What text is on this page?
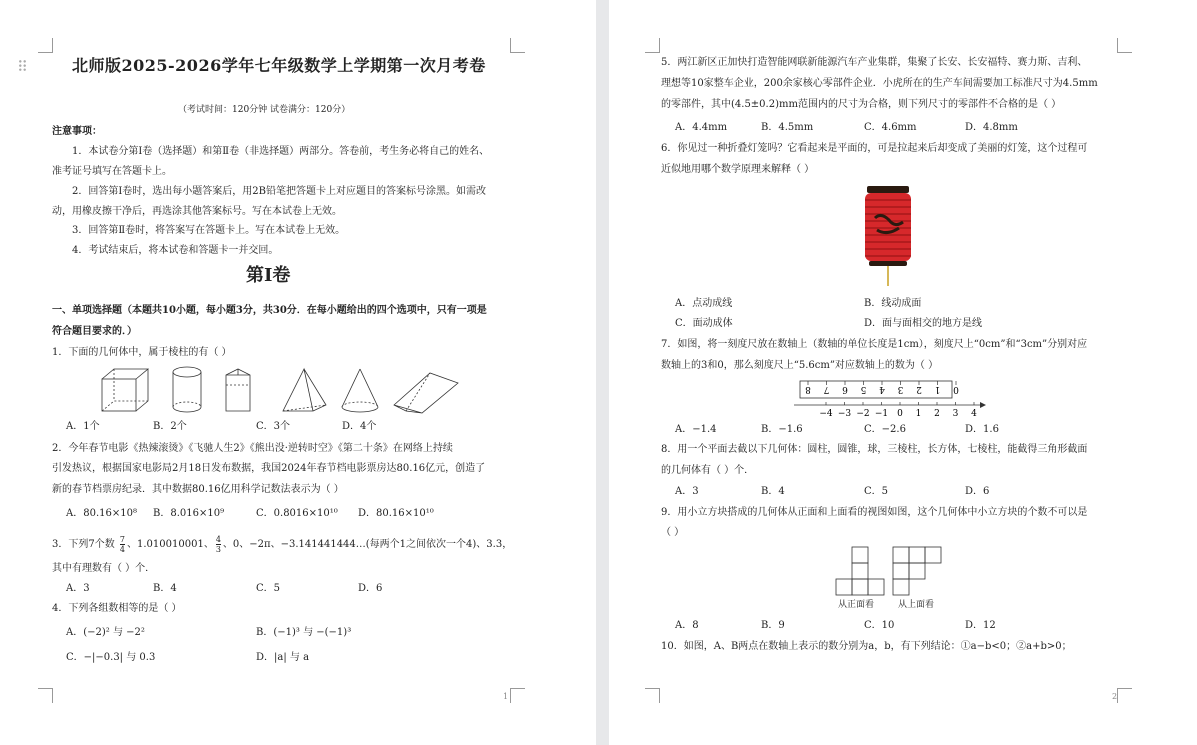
⠿	北师版2025-2026学年七年级数学上学期第一次月考卷
（考试时间：120分钟 试卷满分：120分）
注意事项：
1．本试卷分第Ⅰ卷（选择题）和第Ⅱ卷（非选择题）两部分。答卷前，考生务必将自己的姓名、
准考证号填写在答题卡上。
2．回答第Ⅰ卷时，选出每小题答案后，用2B铅笔把答题卡上对应题目的答案标号涂黑。如需改
动，用橡皮擦干净后，再选涂其他答案标号。写在本试卷上无效。
3．回答第Ⅱ卷时，将答案写在答题卡上。写在本试卷上无效。
4．考试结束后，将本试卷和答题卡一并交回。
第Ⅰ卷
一、单项选择题（本题共10小题，每小题3分，共30分．在每小题给出的四个选项中，只有一项是
符合题目要求的．）
1．下面的几何体中，属于棱柱的有（ ）
A．1个	B．2个	C．3个	D．4个
2．今年春节电影《热辣滚烫》《飞驰人生2》《熊出没·逆转时空》《第二十条》在网络上持续
引发热议，根据国家电影局2月18日发布数据，我国2024年春节档电影票房达80.16亿元，创造了
新的春节档票房纪录．其中数据80.16亿用科学记数法表示为（ ）
A．80.16×10⁸ B．8.016×10⁹	C．0.8016×10¹⁰ D．80.16×10¹⁰
3．下列7个数 $\frac{7}{4}$ 、1.010010001、 $\frac{4}{3}$ 、0、−2π、−3.141441444…(每两个1之间依次一个4)、3.3，
其中有理数有（ ）个．
A．3	B．4	C．5	D．6
4．下列各组数相等的是（ ）
A．(−2)² 与 −2²	B．(−1)³ 与 −(−1)³
C．−|−0.3| 与 0.3	D．|a| 与 a
1
5．两江新区正加快打造智能网联新能源汽车产业集群，集聚了长安、长安福特、赛力斯、吉利、
理想等10家整车企业，200余家核心零部件企业．小虎所在的生产车间需要加工标准尺寸为4.5mm
的零部件，其中(4.5±0.2)mm范围内的尺寸为合格，则下列尺寸的零部件不合格的是（ ）
A．4.4mm	B．4.5mm	C．4.6mm	D．4.8mm
6．你见过一种折叠灯笼吗？它看起来是平面的，可是拉起来后却变成了美丽的灯笼，这个过程可
近似地用哪个数学原理来解释（ ）
A．点动成线	B．线动成面
C．面动成体	D．面与面相交的地方是线
7．如图，将一刻度尺放在数轴上（数轴的单位长度是1cm），刻度尺上“0cm”和“3cm”分别对应
数轴上的3和0，那么刻度尺上“5.6cm”对应数轴上的数为（ ）
8 7 6 5 4 3 2 1 0
−4 −3 −2 −1 0 1 2 3 4
A．−1.4	B．−1.6	C．−2.6	D．1.6
8．用一个平面去截以下几何体：圆柱，圆锥，球，三棱柱，长方体，七棱柱，能截得三角形截面
的几何体有（ ）个．
A．3	B．4	C．5	D．6
9．用小立方块搭成的几何体从正面和上面看的视图如图，这个几何体中小立方块的个数不可以是
（ ）
从正面看	从上面看
A．8	B．9	C．10	D．12
10．如图，A、B两点在数轴上表示的数分别为a，b，有下列结论：①a−b<0；②a+b>0；
2
